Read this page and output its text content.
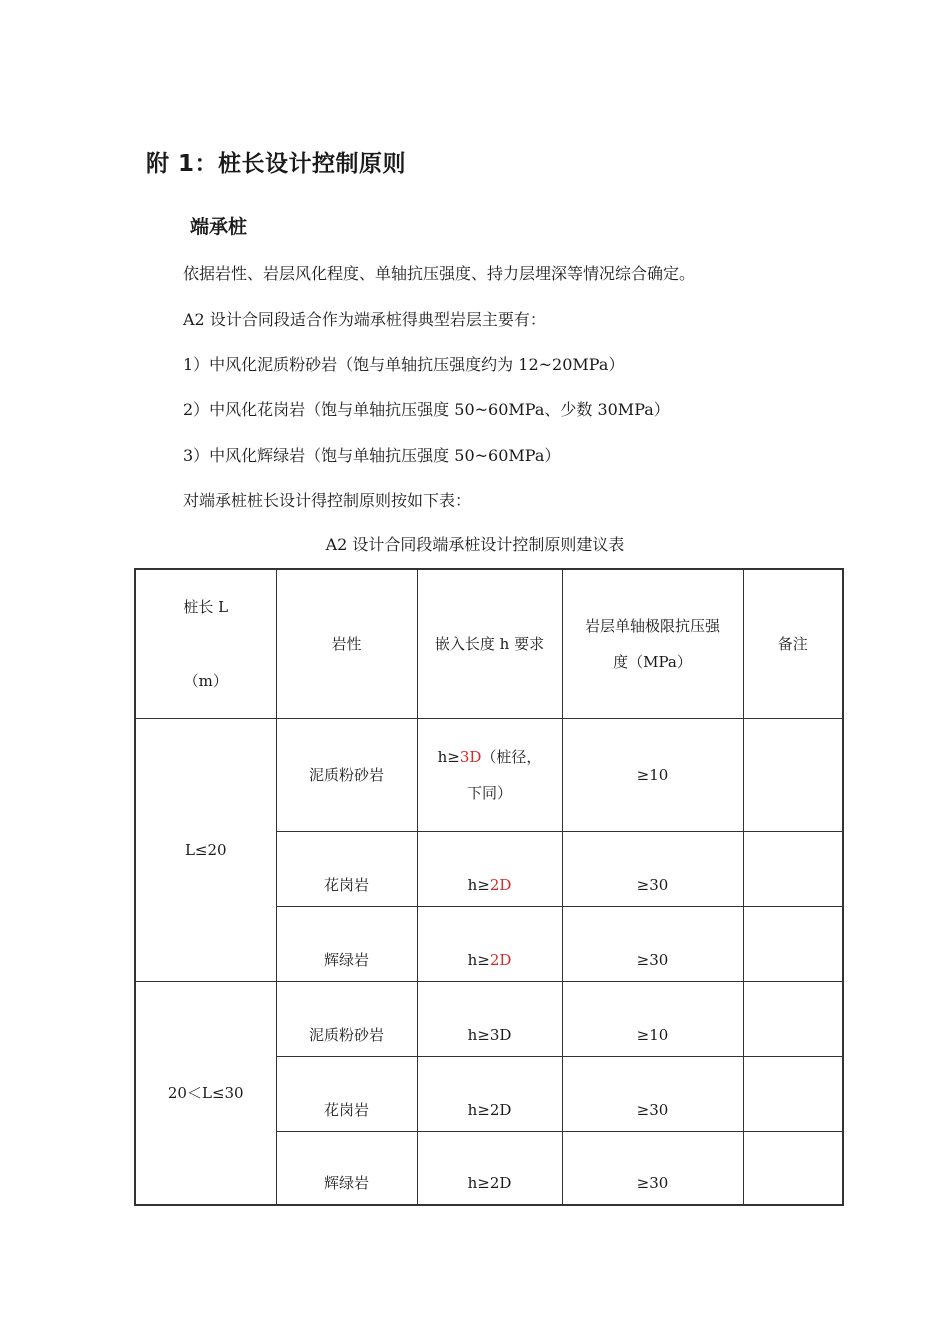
附 1：桩长设计控制原则
端承桩
依据岩性、岩层风化程度、单轴抗压强度、持力层埋深等情况综合确定。
A2 设计合同段适合作为端承桩得典型岩层主要有：
1）中风化泥质粉砂岩（饱与单轴抗压强度约为 12~20MPa）
2）中风化花岗岩（饱与单轴抗压强度 50~60MPa、少数 30MPa）
3）中风化辉绿岩（饱与单轴抗压强度 50~60MPa）
对端承桩桩长设计得控制原则按如下表：
A2 设计合同段端承桩设计控制原则建议表
桩长 L
（m）	岩性	嵌入长度 h 要求	岩层单轴极限抗压强
度（MPa）	备注
L≤20	泥质粉砂岩	h≥3D（桩径，
下同）	≥10	
	花岗岩	h≥2D	≥30	
	辉绿岩	h≥2D	≥30	
20＜L≤30	泥质粉砂岩	h≥3D	≥10	
	花岗岩	h≥2D	≥30	
	辉绿岩	h≥2D	≥30	
